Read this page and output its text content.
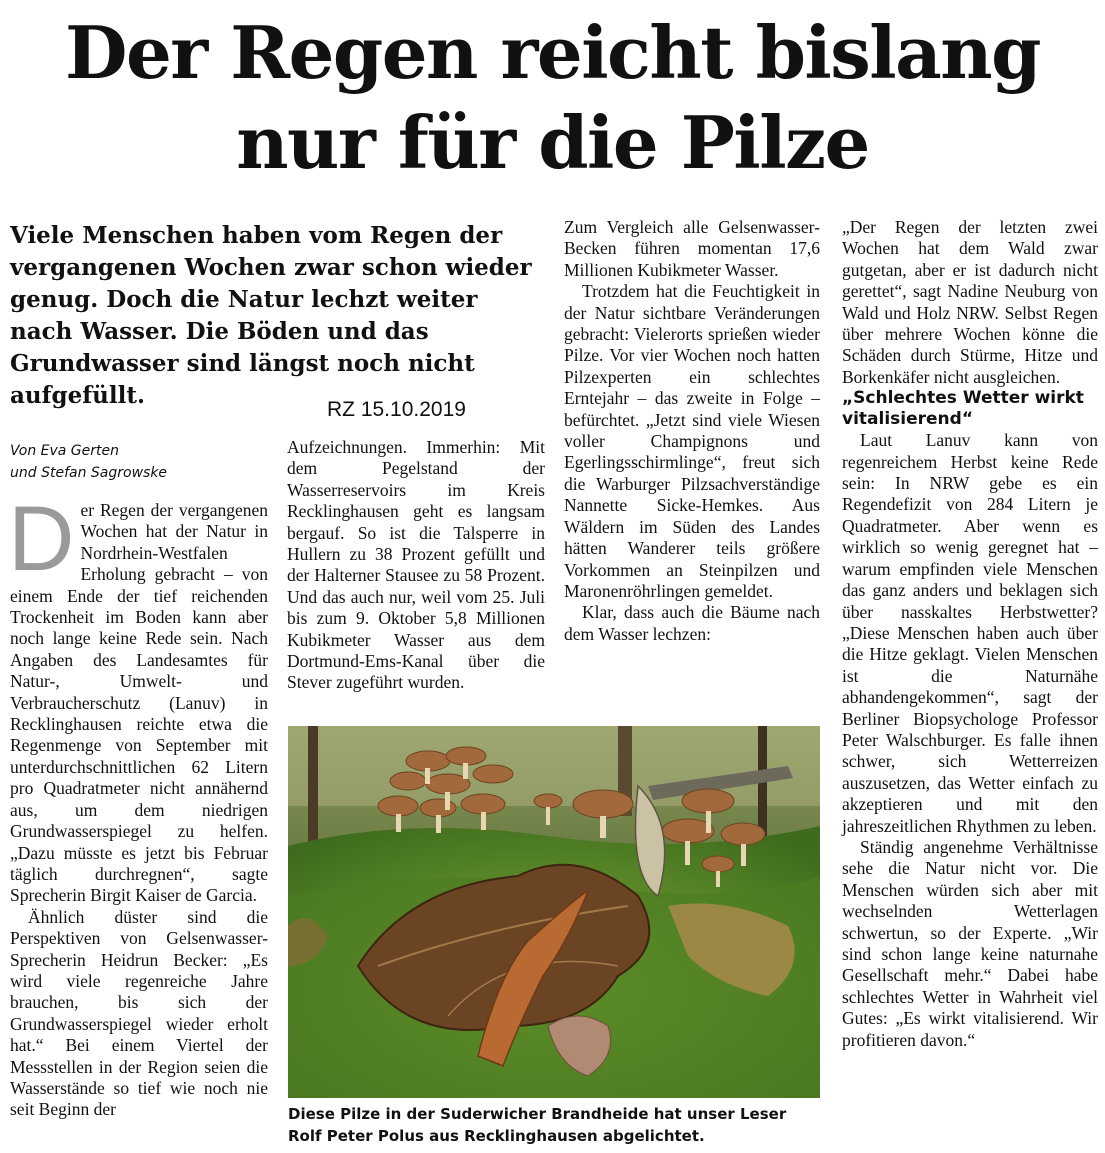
Der Regen reicht bislang
nur für die Pilze
Viele Menschen haben vom Regen der vergangenen Wochen zwar schon wieder genug. Doch die Natur lechzt weiter nach Wasser. Die Böden und das Grundwasser sind längst noch nicht aufgefüllt.
RZ 15.10.2019
Von Eva Gerten
und Stefan Sagrowske

Der Regen der vergangenen Wochen hat der Natur in Nordrhein-Westfalen Erholung gebracht – von einem Ende der tief reichenden Trockenheit im Boden kann aber noch lange keine Rede sein. Nach Angaben des Landesamtes für Natur-, Umwelt- und Verbraucherschutz (Lanuv) in Recklinghausen reichte etwa die Regenmenge von September mit unterdurchschnittlichen 62 Litern pro Quadratmeter nicht annähernd aus, um dem niedrigen Grundwasserspiegel zu helfen. „Dazu müsste es jetzt bis Februar täglich durchregnen“, sagte Sprecherin Birgit Kaiser de Garcia.

Ähnlich düster sind die Perspektiven von Gelsenwasser-Sprecherin Heidrun Becker: „Es wird viele regenreiche Jahre brauchen, bis sich der Grundwasserspiegel wieder erholt hat.“ Bei einem Viertel der Messstellen in der Region seien die Wasserstände so tief wie noch nie seit Beginn der

Aufzeichnungen. Immerhin: Mit dem Pegelstand der Wasserreservoirs im Kreis Recklinghausen geht es langsam bergauf. So ist die Talsperre in Hullern zu 38 Prozent gefüllt und der Halterner Stausee zu 58 Prozent. Und das auch nur, weil vom 25. Juli bis zum 9. Oktober 5,8 Millionen Kubikmeter Wasser aus dem Dortmund-Ems-Kanal über die Stever zugeführt wurden.

Zum Vergleich alle Gelsenwasser-Becken führen momentan 17,6 Millionen Kubikmeter Wasser.

Trotzdem hat die Feuchtigkeit in der Natur sichtbare Veränderungen gebracht: Vielerorts sprießen wieder Pilze. Vor vier Wochen noch hatten Pilzexperten ein schlechtes Erntejahr – das zweite in Folge – befürchtet. „Jetzt sind viele Wiesen voller Champignons und Egerlingsschirmlinge“, freut sich die Warburger Pilzsachverständige Nannette Sicke-Hemkes. Aus Wäldern im Süden des Landes hätten Wanderer teils größere Vorkommen an Steinpilzen und Maronenröhrlingen gemeldet.

Klar, dass auch die Bäume nach dem Wasser lechzen:

„Der Regen der letzten zwei Wochen hat dem Wald zwar gutgetan, aber er ist dadurch nicht gerettet“, sagt Nadine Neuburg von Wald und Holz NRW. Selbst Regen über mehrere Wochen könne die Schäden durch Stürme, Hitze und Borkenkäfer nicht ausgleichen.

„Schlechtes Wetter wirkt vitalisierend“

Laut Lanuv kann von regenreichem Herbst keine Rede sein: In NRW gebe es ein Regendefizit von 284 Litern je Quadratmeter. Aber wenn es wirklich so wenig geregnet hat – warum empfinden viele Menschen das ganz anders und beklagen sich über nasskaltes Herbstwetter? „Diese Menschen haben auch über die Hitze geklagt. Vielen Menschen ist die Naturnähe abhandengekommen“, sagt der Berliner Biopsychologe Professor Peter Walschburger. Es falle ihnen schwer, sich Wetterreizen auszusetzen, das Wetter einfach zu akzeptieren und mit den jahreszeitlichen Rhythmen zu leben.

Ständig angenehme Verhältnisse sehe die Natur nicht vor. Die Menschen würden sich aber mit wechselnden Wetterlagen schwertun, so der Experte. „Wir sind schon lange keine naturnahe Gesellschaft mehr.“ Dabei habe schlechtes Wetter in Wahrheit viel Gutes: „Es wirkt vitalisierend. Wir profitieren davon.“

Diese Pilze in der Suderwicher Brandheide hat unser Leser
Rolf Peter Polus aus Recklinghausen abgelichtet.
